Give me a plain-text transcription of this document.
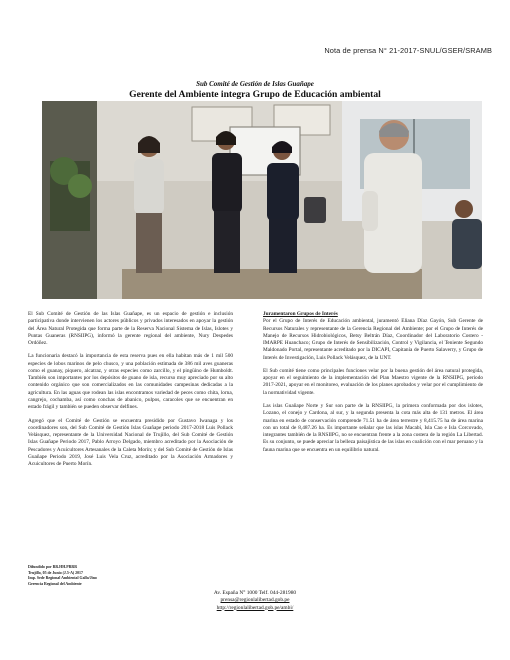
Nota de prensa N° 21-2017-SNUL/GSER/SRAMB
Sub Comité de Gestión de Islas Guañape
Gerente del Ambiente integra Grupo de Educación ambiental

El Sub Comité de Gestión de las Islas Guañape, es un espacio de gestión e inclusión participativa donde intervienen los actores públicos y privados interesados en apoyar la gestión del Área Natural Protegida que forma parte de la Reserva Nacional Sistema de Islas, Islotes y Puntas Guaneras (RNSIIPG), informó la gerente regional del ambiente, Nury Despedes Ordóñez.

La funcionaria destacó la importancia de esta reserva pues en ella habitan más de 1 mil 500 especies de lobos marinos de pelo chusco, y una población estimada de 386 mil aves guaneras como el guanay, piquero, alcatraz, y otras especies como zarcillo, y el pingüino de Humboldt. También son importantes por los depósitos de guano de isla, recurso muy apreciado por su alto contenido orgánico que son comercializados en las comunidades campesinas dedicadas a la agricultura. En las aguas que rodean las islas encontramos variedad de peces como chita, lorna, cangrejo, cochamba, así como conchas de abanico, pulpos, caracoles que se encuentran en estado frágil y también se pueden observar delfines.

Agregó que el Comité de Gestión se encuentra presidido por Gustavo Iwanaga y los coordinadores son, del Sub Comité de Gestión Islas Guañape periodo 2017-2018 Luis Pollack Velásquez, representante de la Universidad Nacional de Trujillo, del Sub Comité de Gestión Islas Guañape Periodo 2017, Pablo Arroyo Delgado, miembro acreditado por la Asociación de Pescadores y Acuicultores Artesanales de la Caleta Morín; y del Sub Comité de Gestión de Islas Guañape Periodo 2019, José Luis Vela Cruz, acreditado por la Asociación Armadores y Acuicultores de Puerto Morín.

Juramentaron Grupos de Interés

Por el Grupo de Interés de Educación ambiental, juramentó Eliana Díaz Gayón, Sub Gerente de Recursos Naturales y representante de la Gerencia Regional del Ambiente; por el Grupo de Interés de Manejo de Recursos Hidrobiológicos, Betsy Beltrán Díaz, Coordinador del Laboratorio Costero - IMARPE Huanchaco; Grupo de Interés de Sensibilización, Control y Vigilancia, el Teniente Segundo Maldonado Portal, representante acreditado por la DICAPI, Capitanía de Puerto Salaverry, y Grupo de Interés de Investigación, Luis Pollack Velásquez, de la UNT.

El Sub comité tiene como principales funciones velar por la buena gestión del área natural protegida, apoyar en el seguimiento de la implementación del Plan Maestro vigente de la RNSIIPG, periodo 2017-2021, apoyar en el monitoreo, evaluación de los planes aprobados y velar por el cumplimiento de la normatividad vigente.

Las islas Guañape Norte y Sur son parte de la RNSIIPG, la primera conformada por dos islotes, Lozano, el conejo y Cardona, al sur, y la segunda presenta la cota más alta de 131 metros. El área marina en estado de conservación comprende 71.51 ha de área terrestre y 8,415.75 ha de área marina con un total de 8,487.26 ha. Es importante señalar que las islas Macabí, Isla Cao e Isla Corcovado, integrantes también de la RNSIIPG, no se encuentran frente a la zona costera de la región La Libertad. Es su conjunto, se puede apreciar la belleza paisajística de las islas en coalición con el mar peruano y la fauna marina que se encuentra en un equilibrio natural.

Difundido por RR.HH.PRRR
Trujillo, 05 de Junio (J.5-A) 2017
Imp. Sede Regional Ambiental Gallo/Jino
Gerencia Regional del Ambiente
Av. España N° 1000 Telf. 044-281980
prensa@regionlalibertad.gob.pe
http://regionlalibertad.gob.pe/ambi/
